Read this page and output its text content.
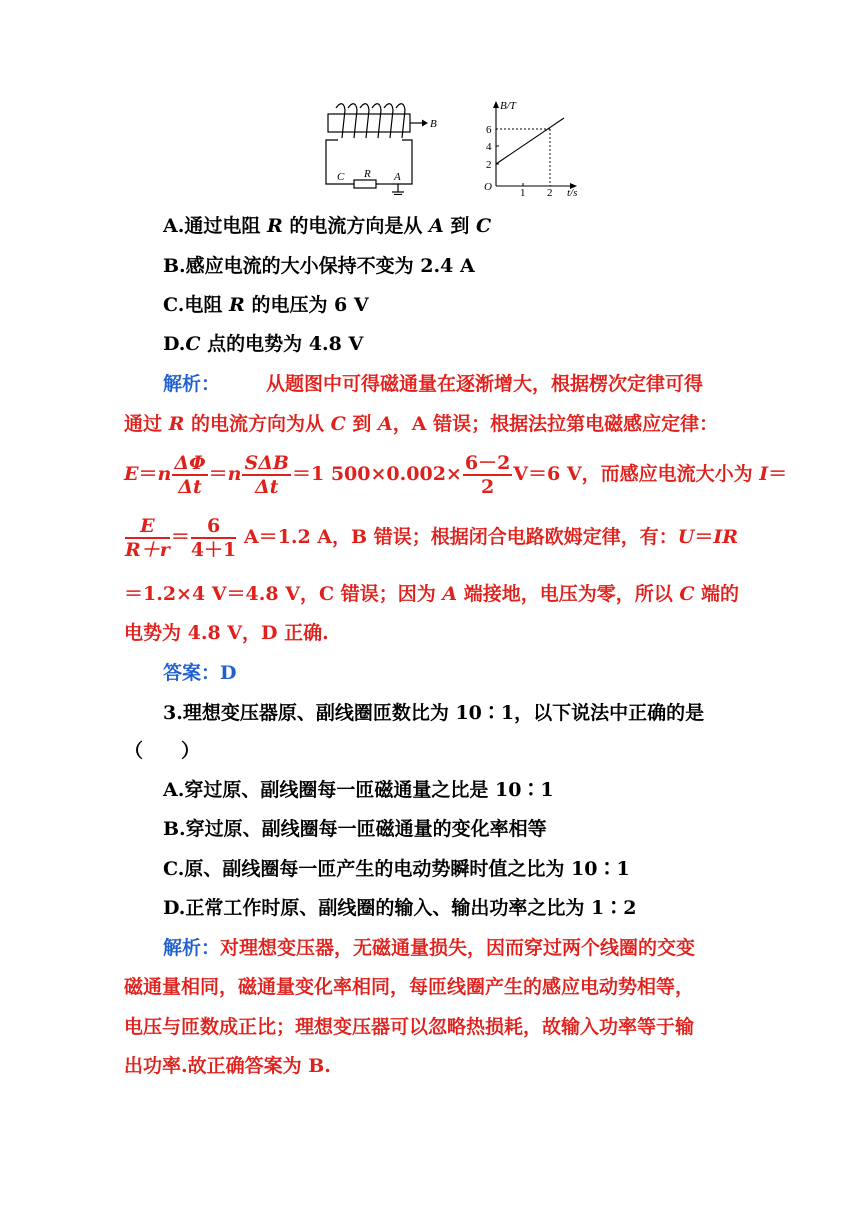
B
C R A
B/T
2
4
6
O	1 2 t/s
A.通过电阻 R 的电流方向是从 A 到 C
B.感应电流的大小保持不变为 2.4 A
C.电阻 R 的电压为 6 V
D.C 点的电势为 4.8 V
解析： 从题图中可得磁通量在逐渐增大，根据楞次定律可得
通过 R 的电流方向为从 C 到 A，A 错误；根据法拉第电磁感应定律：
$E=n \frac{\Delta\Phi}{\Delta t} =n \frac{\text{SΔB}}{\Delta t} =1$ $500\times 0.002\times \frac{6-2}{2} V=6$ V，而感应电流大小为 I＝
$\frac{E}{R+r} = \frac{6}{4+1} A=1.2$ A，B 错误；根据闭合电路欧姆定律，有：U＝IR
＝1.2×4 V＝4.8 V，C 错误；因为 A 端接地，电压为零，所以 C 端的
电势为 4.8 V，D 正确.
答案：D
3.理想变压器原、副线圈匝数比为 10∶1，以下说法中正确的是
（　　）
A.穿过原、副线圈每一匝磁通量之比是 10∶1
B.穿过原、副线圈每一匝磁通量的变化率相等
C.原、副线圈每一匝产生的电动势瞬时值之比为 10∶1
D.正常工作时原、副线圈的输入、输出功率之比为 1∶2
解析：对理想变压器，无磁通量损失，因而穿过两个线圈的交变
磁通量相同，磁通量变化率相同，每匝线圈产生的感应电动势相等，
电压与匝数成正比；理想变压器可以忽略热损耗，故输入功率等于输
出功率.故正确答案为 B.
